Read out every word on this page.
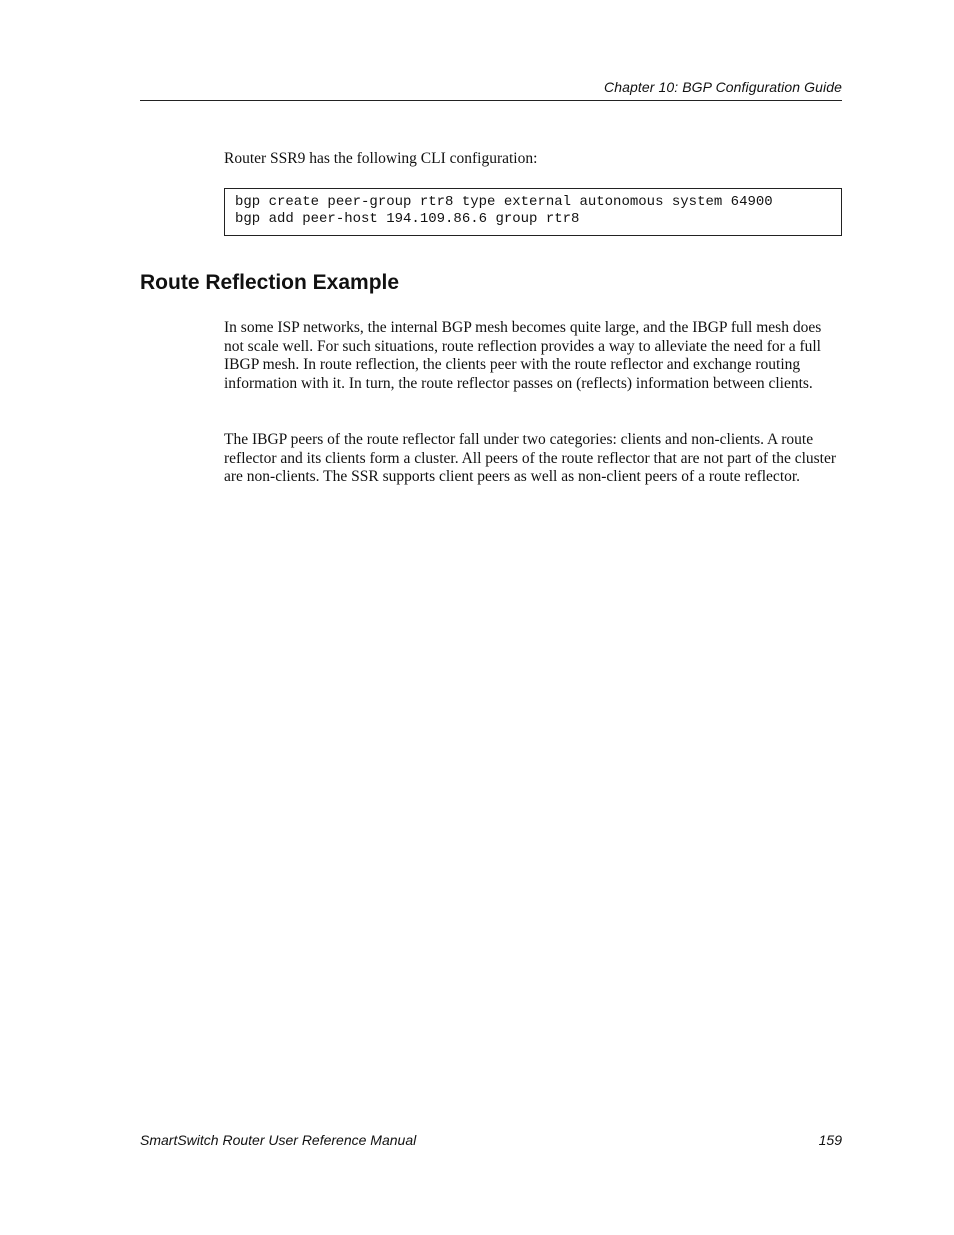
Chapter 10: BGP Configuration Guide

Router SSR9 has the following CLI configuration:

bgp create peer-group rtr8 type external autonomous system 64900
bgp add peer-host 194.109.86.6 group rtr8
Route Reflection Example

In some ISP networks, the internal BGP mesh becomes quite large, and the IBGP full mesh does not scale well. For such situations, route reflection provides a way to alleviate the need for a full IBGP mesh. In route reflection, the clients peer with the route reflector and exchange routing information with it. In turn, the route reflector passes on (reflects) information between clients.

The IBGP peers of the route reflector fall under two categories: clients and non-clients. A route reflector and its clients form a cluster. All peers of the route reflector that are not part of the cluster are non-clients. The SSR supports client peers as well as non-client peers of a route reflector.

SmartSwitch Router User Reference Manual	159
